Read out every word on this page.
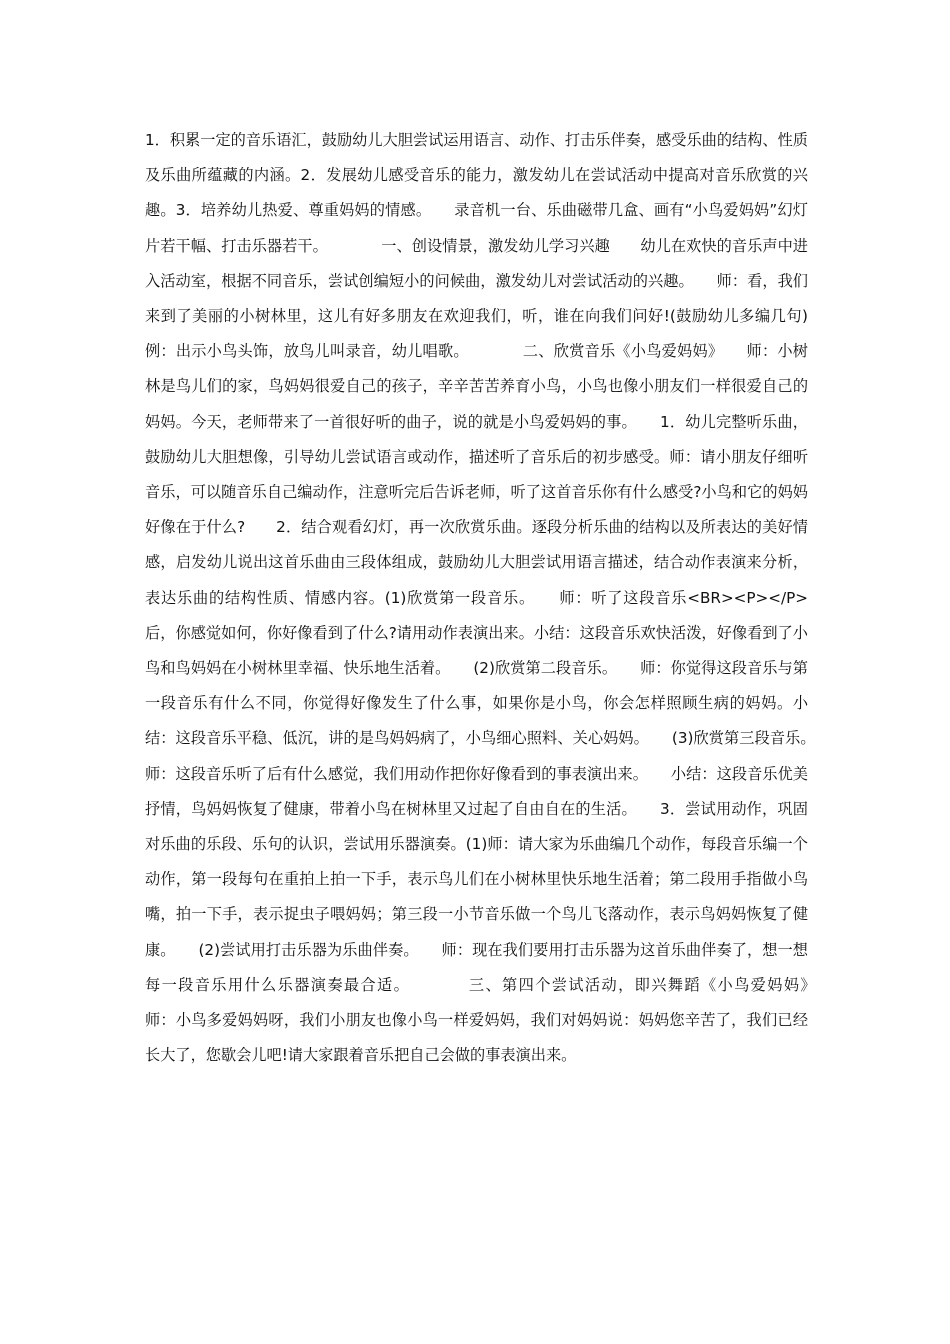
1．积累一定的音乐语汇，鼓励幼儿大胆尝试运用语言、动作、打击乐伴奏，感受乐曲的结构、性质及乐曲所蕴藏的内涵。2．发展幼儿感受音乐的能力，激发幼儿在尝试活动中提高对音乐欣赏的兴趣。3．培养幼儿热爱、尊重妈妈的情感。　　录音机一台、乐曲磁带几盒、画有“小鸟爱妈妈”幻灯片若干幅、打击乐器若干。　　　　一、创设情景，激发幼儿学习兴趣　　幼儿在欢快的音乐声中进入活动室，根据不同音乐，尝试创编短小的问候曲，激发幼儿对尝试活动的兴趣。　　师：看，我们来到了美丽的小树林里，这儿有好多朋友在欢迎我们，听，谁在向我们问好!(鼓励幼儿多编几句)　　例：出示小鸟头饰，放鸟儿叫录音，幼儿唱歌。　　　　二、欣赏音乐《小鸟爱妈妈》　　师：小树林是鸟儿们的家，鸟妈妈很爱自己的孩子，辛辛苦苦养育小鸟，小鸟也像小朋友们一样很爱自己的妈妈。今天，老师带来了一首很好听的曲子，说的就是小鸟爱妈妈的事。　　1．幼儿完整听乐曲，鼓励幼儿大胆想像，引导幼儿尝试语言或动作，描述听了音乐后的初步感受。师：请小朋友仔细听音乐，可以随音乐自己编动作，注意听完后告诉老师，听了这首音乐你有什么感受?小鸟和它的妈妈好像在于什么?　　2．结合观看幻灯，再一次欣赏乐曲。逐段分析乐曲的结构以及所表达的美好情感，启发幼儿说出这首乐曲由三段体组成，鼓励幼儿大胆尝试用语言描述，结合动作表演来分析，表达乐曲的结构性质、情感内容。(1)欣赏第一段音乐。　　师：听了这段音乐<BR><P></P>后，你感觉如何，你好像看到了什么?请用动作表演出来。小结：这段音乐欢快活泼，好像看到了小鸟和鸟妈妈在小树林里幸福、快乐地生活着。　　(2)欣赏第二段音乐。　　师：你觉得这段音乐与第一段音乐有什么不同，你觉得好像发生了什么事，如果你是小鸟，你会怎样照顾生病的妈妈。小结：这段音乐平稳、低沉，讲的是鸟妈妈病了，小鸟细心照料、关心妈妈。　　(3)欣赏第三段音乐。　　师：这段音乐听了后有什么感觉，我们用动作把你好像看到的事表演出来。　　小结：这段音乐优美抒情，鸟妈妈恢复了健康，带着小鸟在树林里又过起了自由自在的生活。　　3．尝试用动作，巩固对乐曲的乐段、乐句的认识，尝试用乐器演奏。(1)师：请大家为乐曲编几个动作，每段音乐编一个动作，第一段每句在重拍上拍一下手，表示鸟儿们在小树林里快乐地生活着；第二段用手指做小鸟嘴，拍一下手，表示捉虫子喂妈妈；第三段一小节音乐做一个鸟儿飞落动作，表示鸟妈妈恢复了健 康。　　(2)尝试用打击乐器为乐曲伴奏。　　师：现在我们要用打击乐器为这首乐曲伴奏了，想一想每一段音乐用什么乐器演奏最合适。　　　　三、第四个尝试活动，即兴舞蹈《小鸟爱妈妈》　　师：小鸟多爱妈妈呀，我们小朋友也像小鸟一样爱妈妈，我们对妈妈说：妈妈您辛苦了，我们已经长大了，您歇会儿吧!请大家跟着音乐把自己会做的事表演出来。
